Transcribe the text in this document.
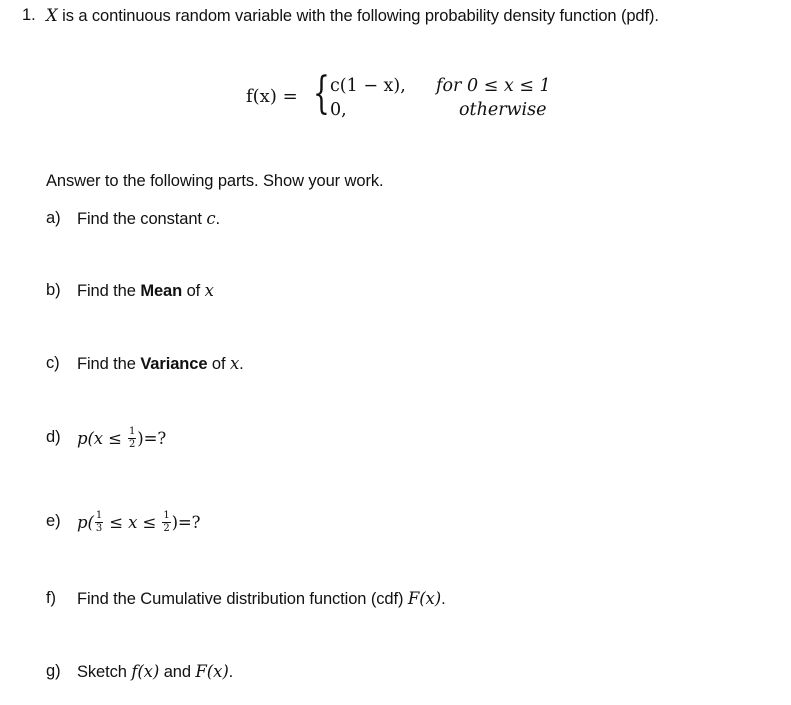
1. X is a continuous random variable with the following probability density function (pdf).
f(x) = { c(1 − x),
0,
for 0 ≤ x ≤ 1
otherwise
Answer to the following parts. Show your work.
a) Find the constant c.
b) Find the Mean of x
c) Find the Variance of x.
d) $p(x \le \frac{1}{2}$ )=?
e) $p( \frac{1}{3} \le x \le \frac{1}{2}$ )=?
f) Find the Cumulative distribution function (cdf) F(x).
g) Sketch f(x) and F(x).
